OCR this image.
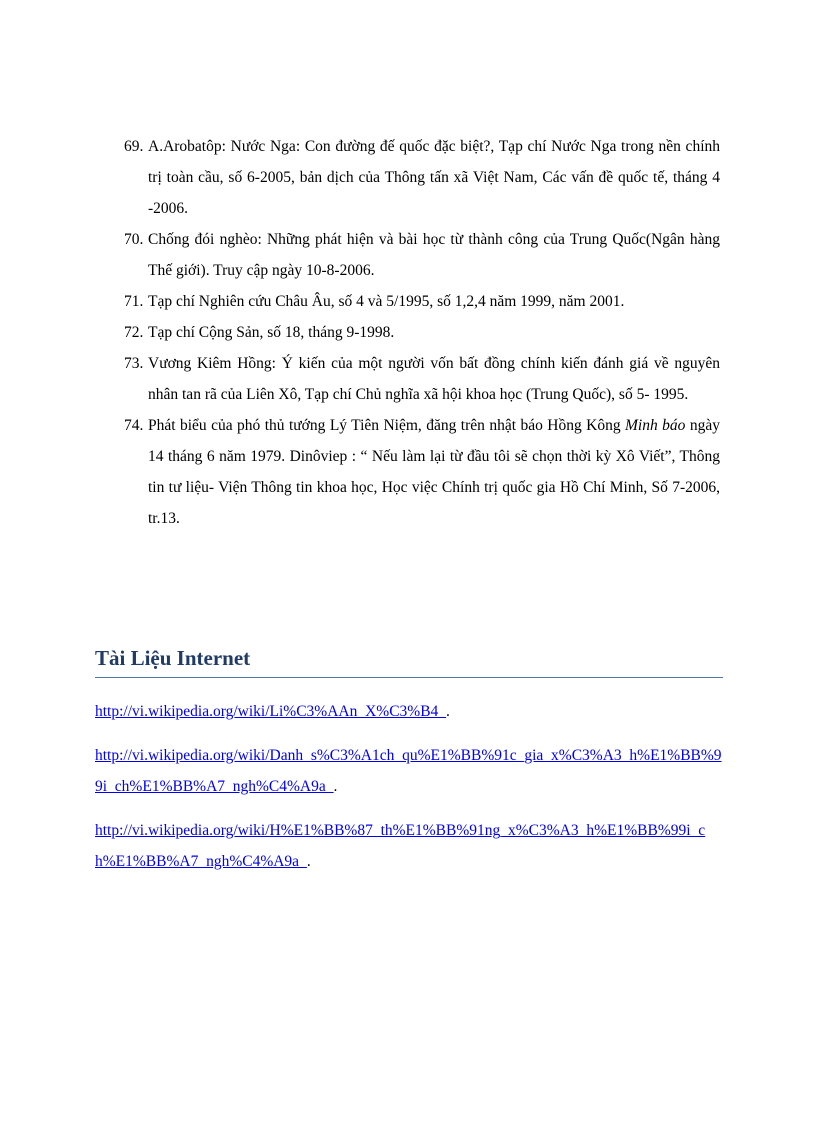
69. A.Arobatôp: Nước Nga: Con đường đế quốc đặc biệt?, Tạp chí Nước Nga trong nền chính trị toàn cầu, số 6-2005, bản dịch của Thông tấn xã Việt Nam, Các vấn đề quốc tế, tháng 4 -2006.
70. Chống đói nghèo: Những phát hiện và bài học từ thành công của Trung Quốc(Ngân hàng Thế giới). Truy cập ngày 10-8-2006.
71. Tạp chí Nghiên cứu Châu Âu, số 4 và 5/1995, số 1,2,4 năm 1999, năm 2001.
72. Tạp chí Cộng Sản, số 18, tháng 9-1998.
73. Vương Kiêm Hồng: Ý kiến của một người vốn bất đồng chính kiến đánh giá về nguyên nhân tan rã của Liên Xô, Tạp chí Chủ nghĩa xã hội khoa học (Trung Quốc), số 5- 1995.
74. Phát biểu của phó thủ tướng Lý Tiên Niệm, đăng trên nhật báo Hồng Kông Minh báo ngày 14 tháng 6 năm 1979. Dinôviep : “ Nếu làm lại từ đầu tôi sẽ chọn thời kỳ Xô Viết”, Thông tin tư liệu- Viện Thông tin khoa học, Học việc Chính trị quốc gia Hồ Chí Minh, Số 7-2006, tr.13.
Tài Liệu Internet
http://vi.wikipedia.org/wiki/Li%C3%AAn_X%C3%B4_.
http://vi.wikipedia.org/wiki/Danh_s%C3%A1ch_qu%E1%BB%91c_gia_x%C3%A3_h%E1%BB%99i_ch%E1%BB%A7_ngh%C4%A9a_.
http://vi.wikipedia.org/wiki/H%E1%BB%87_th%E1%BB%91ng_x%C3%A3_h%E1%BB%99i_ch%E1%BB%A7_ngh%C4%A9a_.
